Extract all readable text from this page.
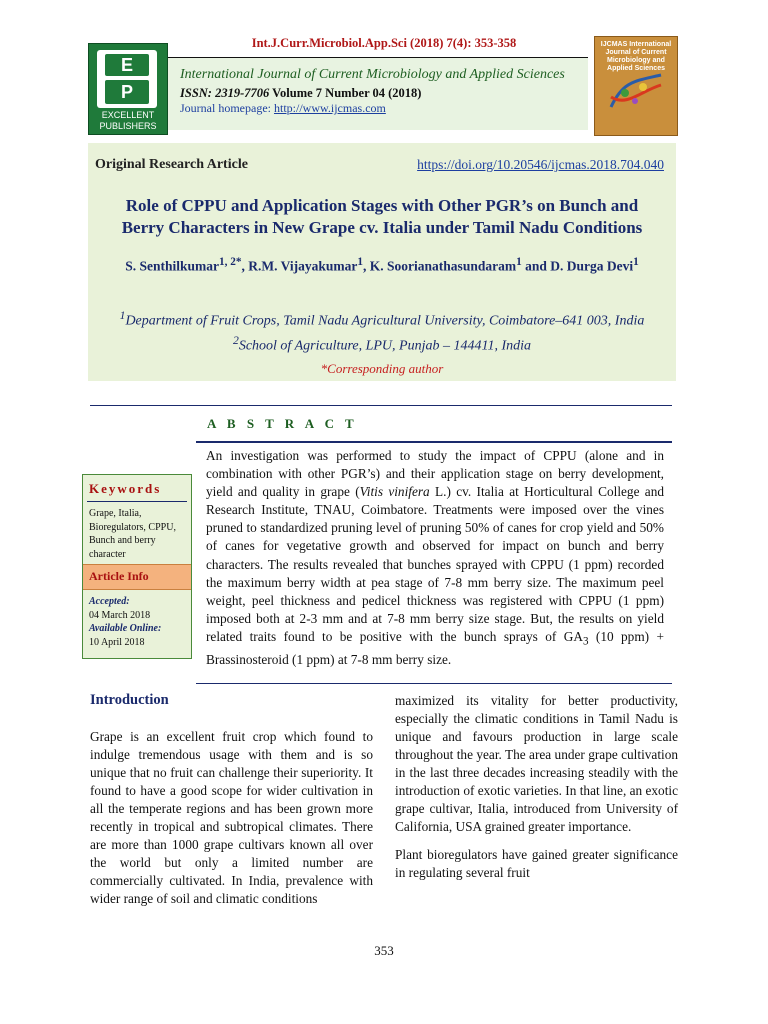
Int.J.Curr.Microbiol.App.Sci (2018) 7(4): 353-358
E
P
EXCELLENT
PUBLISHERS
International Journal of Current Microbiology and Applied Sciences
ISSN: 2319-7706 Volume 7 Number 04 (2018)
Journal homepage: http://www.ijcmas.com
IJCMAS International Journal of Current Microbiology and Applied Sciences
Original Research Article	https://doi.org/10.20546/ijcmas.2018.704.040
Role of CPPU and Application Stages with Other PGR’s on Bunch and
Berry Characters in New Grape cv. Italia under Tamil Nadu Conditions
S. Senthilkumar$^{1, 2*}$, R.M. Vijayakumar$^1$, K. Soorianathasundaram$^1$ and D. Durga Devi$^1$
$^1$Department of Fruit Crops, Tamil Nadu Agricultural University, Coimbatore–641 003, India
$^2$School of Agriculture, LPU, Punjab – 144411, India
*Corresponding author
A B S T R A C T
An investigation was performed to study the impact of CPPU (alone and in combination with other PGR’s) and their application stage on berry development, yield and quality in grape (Vitis vinifera L.) cv. Italia at Horticultural College and Research Institute, TNAU, Coimbatore. Treatments were imposed over the vines pruned to standardized pruning level of pruning 50% of canes for crop yield and 50% of canes for vegetative growth and observed for impact on bunch and berry characters. The results revealed that bunches sprayed with CPPU (1 ppm) recorded the maximum berry width at pea stage of 7-8 mm berry size. The maximum peel weight, peel thickness and pedicel thickness was registered with CPPU (1 ppm) imposed both at 2-3 mm and at 7-8 mm berry size stage. But, the results on yield related traits found to be positive with the bunch sprays of $GA_3$ (10 ppm) + Brassinosteroid (1 ppm) at 7-8 mm berry size.
Keywords
Grape, Italia, Bioregulators, CPPU, Bunch and berry character
Article Info
Accepted:
04 March 2018
Available Online:
10 April 2018
Introduction
Grape is an excellent fruit crop which found to indulge tremendous usage with them and is so unique that no fruit can challenge their superiority. It found to have a good scope for wider cultivation in all the temperate regions and has been grown more recently in tropical and subtropical climates. There are more than 1000 grape cultivars known all over the world but only a limited number are commercially cultivated. In India, prevalence with wider range of soil and climatic conditions
maximized its vitality for better productivity, especially the climatic conditions in Tamil Nadu is unique and favours production in large scale throughout the year. The area under grape cultivation in the last three decades increasing steadily with the introduction of exotic varieties. In that line, an exotic grape cultivar, Italia, introduced from University of California, USA grained greater importance.
Plant bioregulators have gained greater significance in regulating several fruit
353
